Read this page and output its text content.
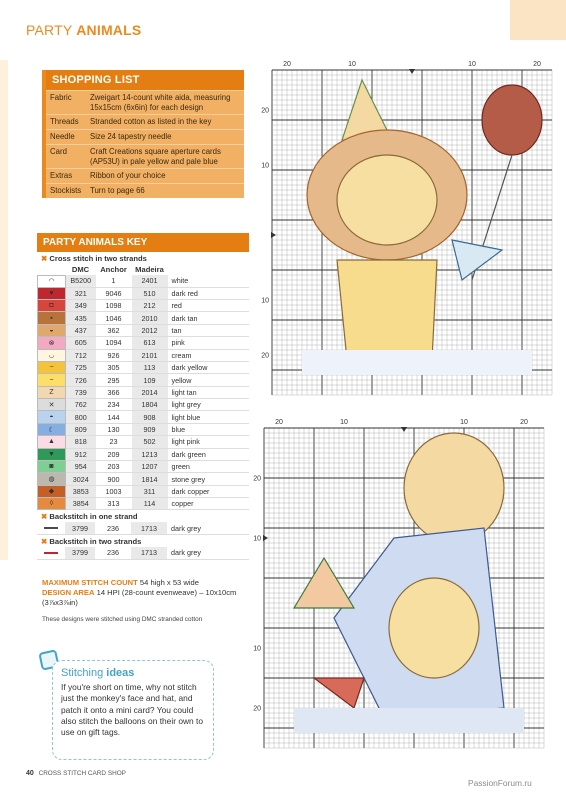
PARTY ANIMALS
SHOPPING LIST
Fabric	Zweigart 14-count white aida, measuring 15x15cm (6x6in) for each design
Threads	Stranded cotton as listed in the key
Needle	Size 24 tapestry needle
Card	Craft Creations square aperture cards (AP53U) in pale yellow and pale blue
Extras	Ribbon of your choice
Stockists	Turn to page 66
PARTY ANIMALS KEY
✖ Cross stitch in two strands
	DMC	Anchor	Madeira	
◠	B5200	1	2401	white
♥	321	9046	510	dark red
◘	349	1098	212	red
▪	435	1046	2010	dark tan
◒	437	362	2012	tan
⊗	605	1094	613	pink
◡	712	926	2101	cream
−	725	305	113	dark yellow
−	726	295	109	yellow
Z	739	366	2014	light tan
✕	762	234	1804	light grey
◓	800	144	908	light blue
☾	809	130	909	blue
▲	818	23	502	light pink
▼	912	209	1213	dark green
◙	954	203	1207	green
◍	3024	900	1814	stone grey
◆	3853	1003	311	dark copper
◊	3854	313	114	copper
✖ Backstitch in one strand
	3799	236	1713	dark grey
✖ Backstitch in two strands
	3799	236	1713	dark grey
MAXIMUM STITCH COUNT 54 high x 53 wide
DESIGN AREA 14 HPI (28-count evenweave) – 10x10cm (3⅞x3⅞in)
These designs were stitched using DMC stranded cotton
Stitching ideas
If you're short on time, why not stitch just the monkey's face and hat, and patch it onto a mini card? You could also stitch the balloons on their own to use on gift tags.
40 CROSS STITCH CARD SHOP
PassionForum.ru
20	10	10	20
20
10
10
20
20	10	10	20
20
10
10
20
